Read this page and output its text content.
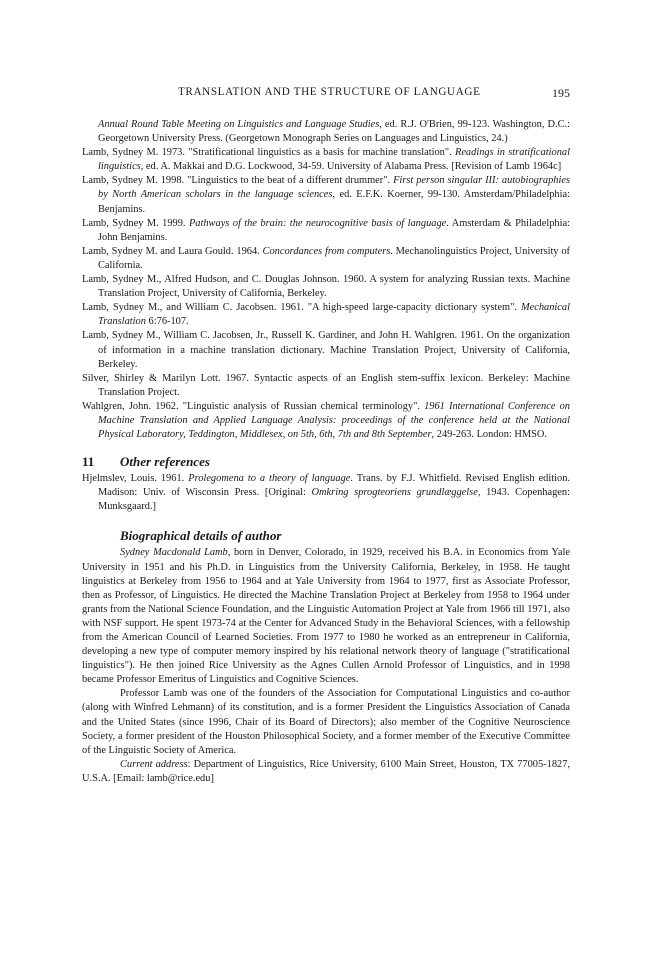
TRANSLATION AND THE STRUCTURE OF LANGUAGE	195

Annual Round Table Meeting on Linguistics and Language Studies, ed. R.J. O'Brien, 99-123. Washington, D.C.: Georgetown University Press. (Georgetown Monograph Series on Languages and Linguistics, 24.)

Lamb, Sydney M. 1973. "Stratificational linguistics as a basis for machine translation". Readings in stratificational linguistics, ed. A. Makkai and D.G. Lockwood, 34-59. University of Alabama Press. [Revision of Lamb 1964c]

Lamb, Sydney M. 1998. "Linguistics to the beat of a different drummer". First person singular III: autobiographies by North American scholars in the language sciences, ed. E.F.K. Koerner, 99-130. Amsterdam/Philadelphia: Benjamins.

Lamb, Sydney M. 1999. Pathways of the brain: the neurocognitive basis of language. Amsterdam & Philadelphia: John Benjamins.

Lamb, Sydney M. and Laura Gould. 1964. Concordances from computers. Mechanolinguistics Project, University of California.

Lamb, Sydney M., Alfred Hudson, and C. Douglas Johnson. 1960. A system for analyzing Russian texts. Machine Translation Project, University of California, Berkeley.

Lamb, Sydney M., and William C. Jacobsen. 1961. "A high-speed large-capacity dictionary system". Mechanical Translation 6:76-107.

Lamb, Sydney M., William C. Jacobsen, Jr., Russell K. Gardiner, and John H. Wahlgren. 1961. On the organization of information in a machine translation dictionary. Machine Translation Project, University of California, Berkeley.

Silver, Shirley & Marilyn Lott. 1967. Syntactic aspects of an English stem-suffix lexicon. Berkeley: Machine Translation Project.

Wahlgren, John. 1962. "Linguistic analysis of Russian chemical terminology". 1961 International Conference on Machine Translation and Applied Language Analysis: proceedings of the conference held at the National Physical Laboratory, Teddington, Middlesex, on 5th, 6th, 7th and 8th September, 249-263. London: HMSO.

11 Other references

Hjelmslev, Louis. 1961. Prolegomena to a theory of language. Trans. by F.J. Whitfield. Revised English edition. Madison: Univ. of Wisconsin Press. [Original: Omkring sprogteoriens grundlæggelse, 1943. Copenhagen: Munksgaard.]

Biographical details of author

Sydney Macdonald Lamb, born in Denver, Colorado, in 1929, received his B.A. in Economics from Yale University in 1951 and his Ph.D. in Linguistics from the University California, Berkeley, in 1958. He taught linguistics at Berkeley from 1956 to 1964 and at Yale University from 1964 to 1977, first as Associate Professor, then as Professor, of Linguistics. He directed the Machine Translation Project at Berkeley from 1958 to 1964 under grants from the National Science Foundation, and the Linguistic Automation Project at Yale from 1966 till 1971, also with NSF support. He spent 1973-74 at the Center for Advanced Study in the Behavioral Sciences, with a fellowship from the American Council of Learned Societies. From 1977 to 1980 he worked as an entrepreneur in California, developing a new type of computer memory inspired by his relational network theory of language ("stratificational linguistics"). He then joined Rice University as the Agnes Cullen Arnold Professor of Linguistics, and in 1998 became Professor Emeritus of Linguistics and Cognitive Sciences.

Professor Lamb was one of the founders of the Association for Computational Linguistics and co-author (along with Winfred Lehmann) of its constitution, and is a former President the Linguistics Association of Canada and the United States (since 1996, Chair of its Board of Directors); also member of the Cognitive Neuroscience Society, a former president of the Houston Philosophical Society, and a former member of the Executive Committee of the Linguistic Society of America.

Current address: Department of Linguistics, Rice University, 6100 Main Street, Houston, TX 77005-1827, U.S.A. [Email: lamb@rice.edu]
